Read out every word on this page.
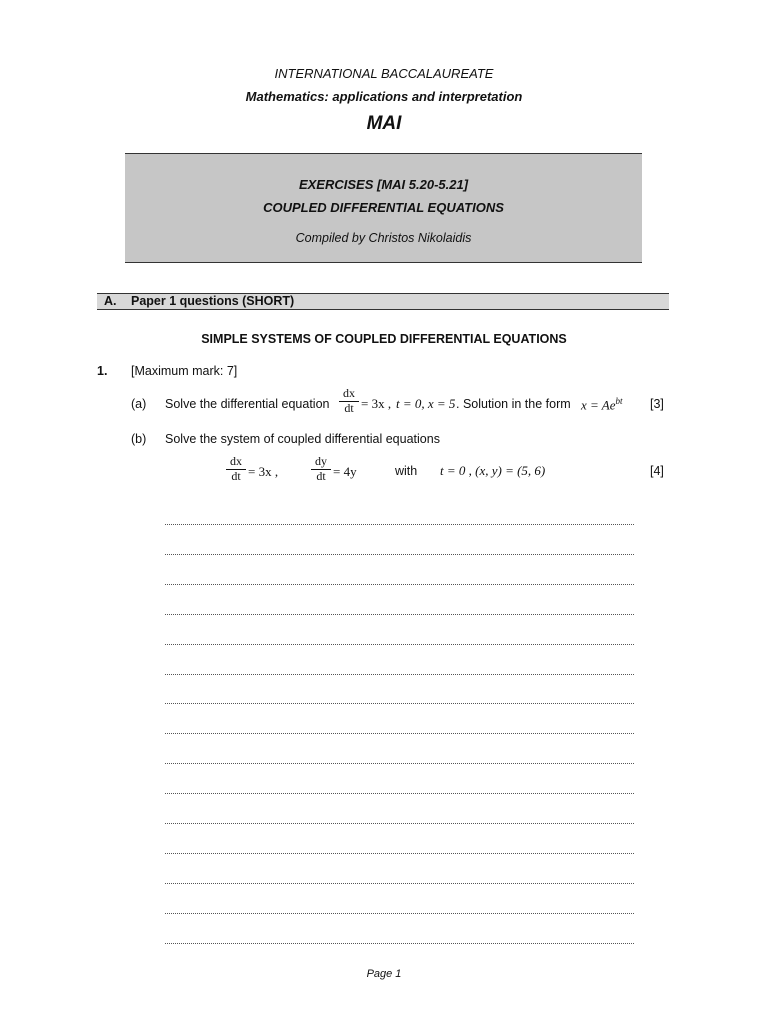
INTERNATIONAL BACCALAUREATE
Mathematics: applications and interpretation
MAI
EXERCISES [MAI 5.20-5.21]
COUPLED DIFFERENTIAL EQUATIONS
Compiled by Christos Nikolaidis
A. Paper 1 questions (SHORT)
SIMPLE SYSTEMS OF COUPLED DIFFERENTIAL EQUATIONS
1. [Maximum mark: 7]
(a) Solve the differential equation
dx
dt = 3x , t = 0, x = 5 . Solution in the form $x = Ae^{bt}$ [3]
(b) Solve the system of coupled differential equations
dx
dt = 3x ,
dy
dt = 4y	with t = 0 , (x, y) = (5, 6)	[4]
Page 1
